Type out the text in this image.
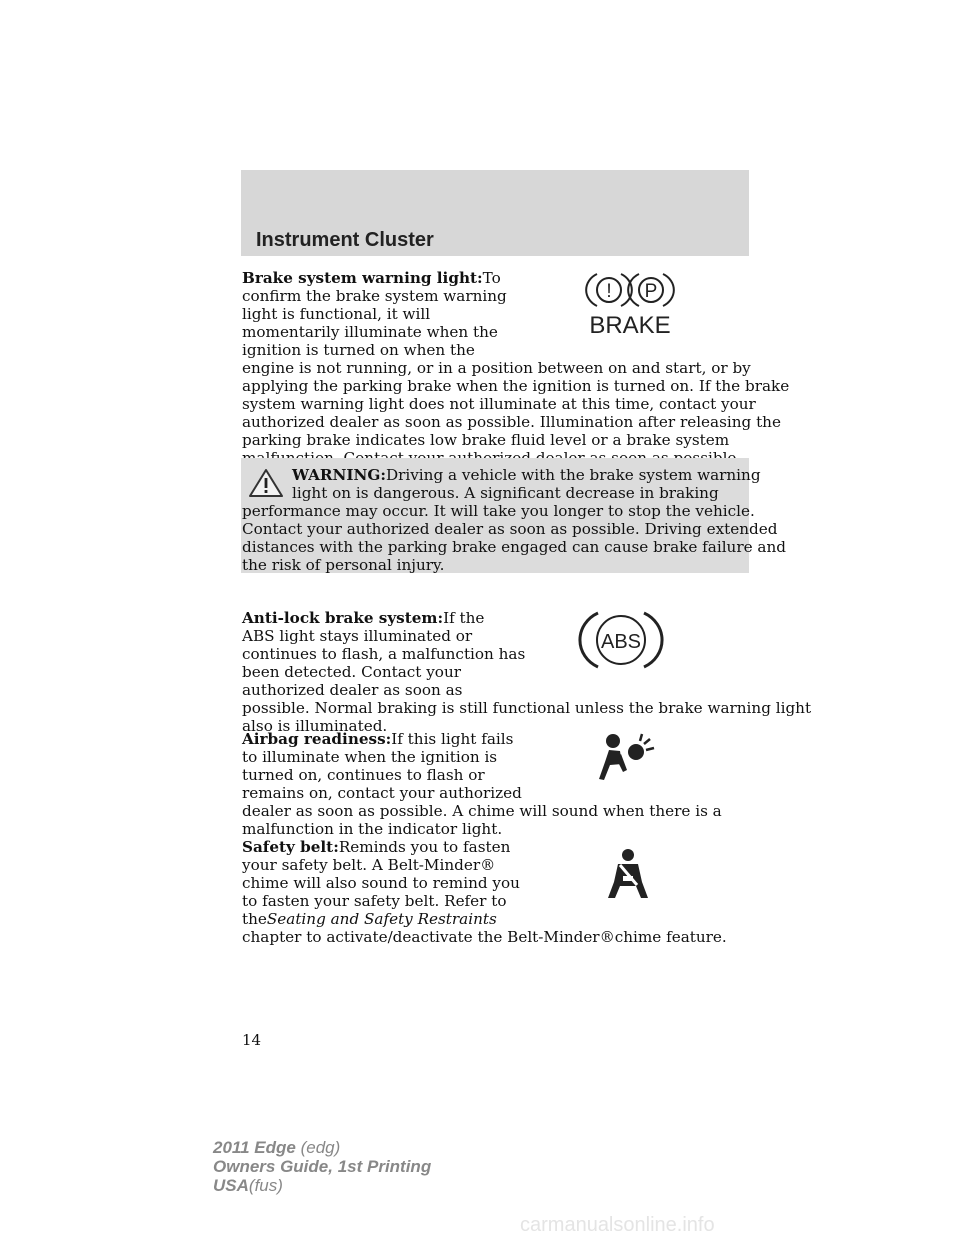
Instrument Cluster
Brake system warning light:To
confirm the brake system warning
light is functional, it will
momentarily illuminate when the
ignition is turned on when the
engine is not running, or in a position between on and start, or by
applying the parking brake when the ignition is turned on. If the brake
system warning light does not illuminate at this time, contact your
authorized dealer as soon as possible. Illumination after releasing the
parking brake indicates low brake fluid level or a brake system
! P
BRAKE
WARNING:Driving a vehicle with the brake system warning
light on is dangerous. A significant decrease in braking
performance may occur. It will take you longer to stop the vehicle.
Contact your authorized dealer as soon as possible. Driving extended
distances with the parking brake engaged can cause brake failure and
the risk of personal injury.
Anti-lock brake system:If the
ABS light stays illuminated or
continues to flash, a malfunction has
been detected. Contact your
authorized dealer as soon as
possible. Normal braking is still functional unless the brake warning light
also is illuminated.
ABS
Airbag readiness:If this light fails
to illuminate when the ignition is
turned on, continues to flash or
remains on, contact your authorized
dealer as soon as possible. A chime will sound when there is a
malfunction in the indicator light.
Safety belt:Reminds you to fasten
your safety belt. A Belt-Minder®
chime will also sound to remind you
to fasten your safety belt. Refer to
theSeating and Safety Restraints
chapter to activate/deactivate the Belt-Minder®chime feature.
14
2011 Edge (edg)
Owners Guide, 1st Printing
USA(fus)
carmanualsonline.info
